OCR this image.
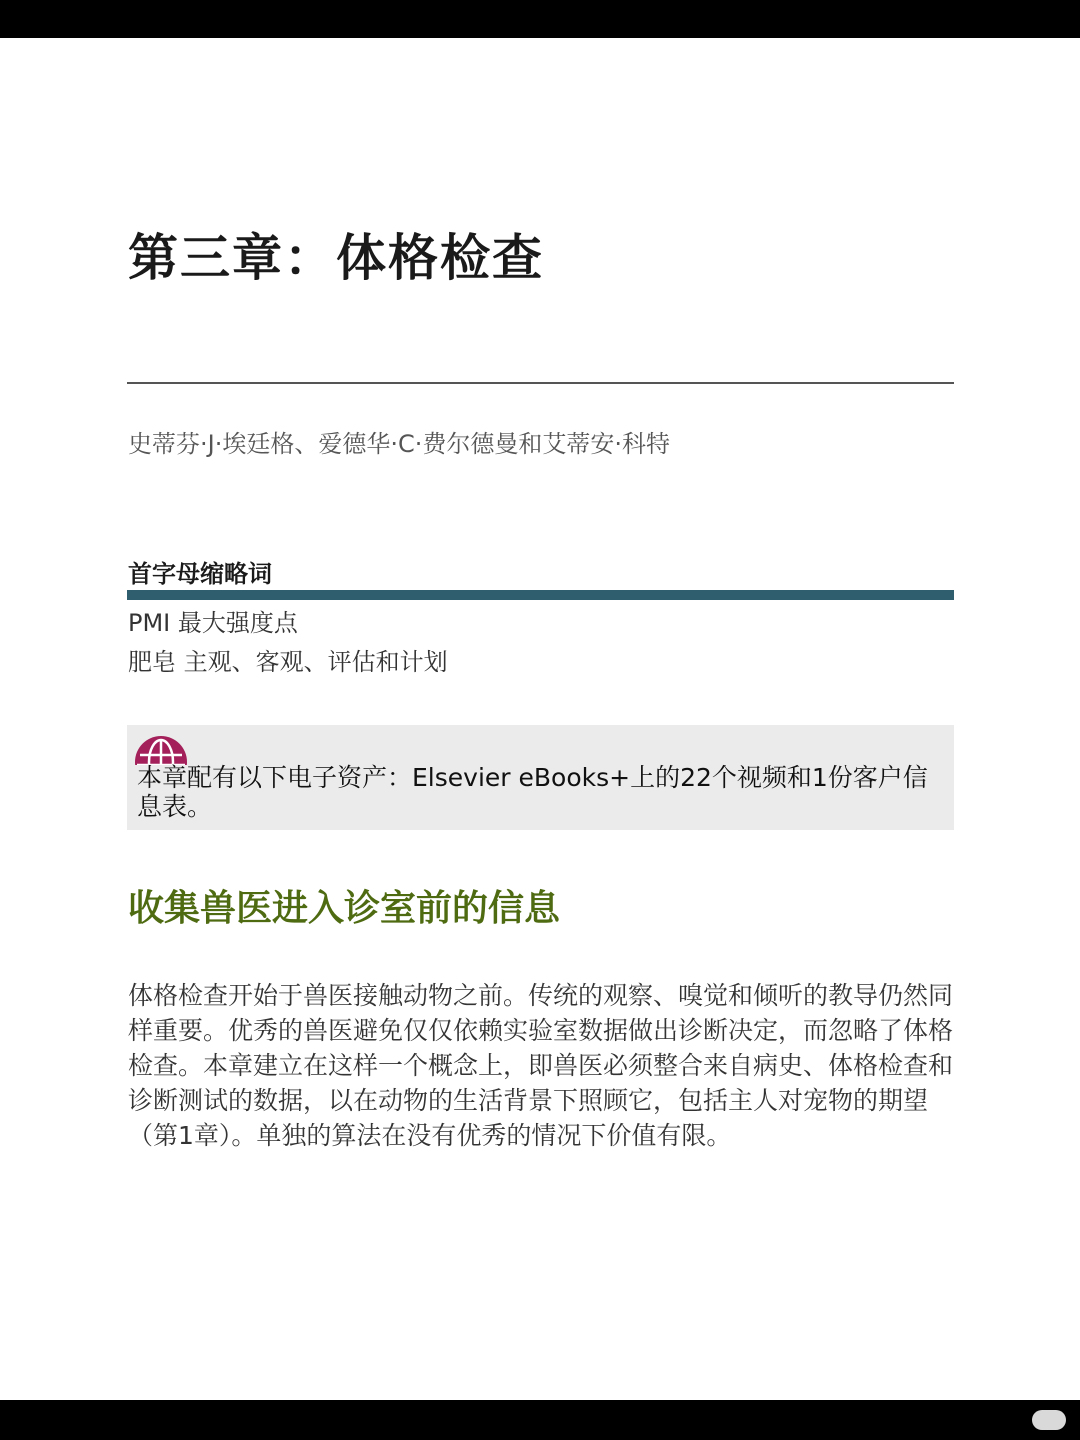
第三章：体格检查
史蒂芬·J·埃廷格、爱德华·C·费尔德曼和艾蒂安·科特
首字母缩略词
PMI 最大强度点
肥皂 主观、客观、评估和计划
本章配有以下电子资产：Elsevier eBooks+上的22个视频和1份客户信息表。
收集兽医进入诊室前的信息

体格检查开始于兽医接触动物之前。传统的观察、嗅觉和倾听的教导仍然同样重要。优秀的兽医避免仅仅依赖实验室数据做出诊断决定，而忽略了体格检查。本章建立在这样一个概念上，即兽医必须整合来自病史、体格检查和诊断测试的数据，以在动物的生活背景下照顾它，包括主人对宠物的期望（第1章）。单独的算法在没有优秀的情况下价值有限。
